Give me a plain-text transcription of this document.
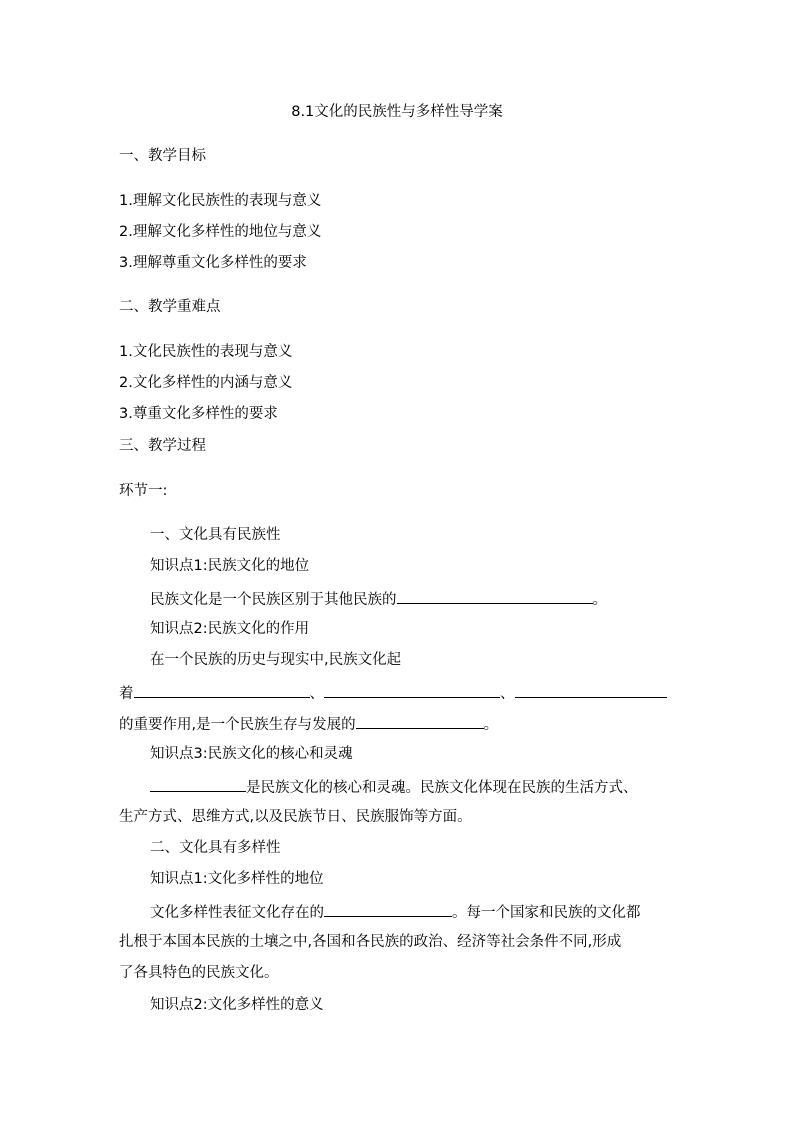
8.1文化的民族性与多样性导学案
一、教学目标
1.理解文化民族性的表现与意义
2.理解文化多样性的地位与意义
3.理解尊重文化多样性的要求
二、教学重难点
1.文化民族性的表现与意义
2.文化多样性的内涵与意义
3.尊重文化多样性的要求
三、教学过程
环节一:
一、文化具有民族性
知识点1:民族文化的地位
民族文化是一个民族区别于其他民族的	。
知识点2:民族文化的作用
在一个民族的历史与现实中,民族文化起
着	、	、
的重要作用,是一个民族生存与发展的	。
知识点3:民族文化的核心和灵魂
是民族文化的核心和灵魂。民族文化体现在民族的生活方式、
生产方式、思维方式,以及民族节日、民族服饰等方面。
二、文化具有多样性
知识点1:文化多样性的地位
文化多样性表征文化存在的	。每一个国家和民族的文化都
扎根于本国本民族的土壤之中,各国和各民族的政治、经济等社会条件不同,形成
了各具特色的民族文化。
知识点2:文化多样性的意义
